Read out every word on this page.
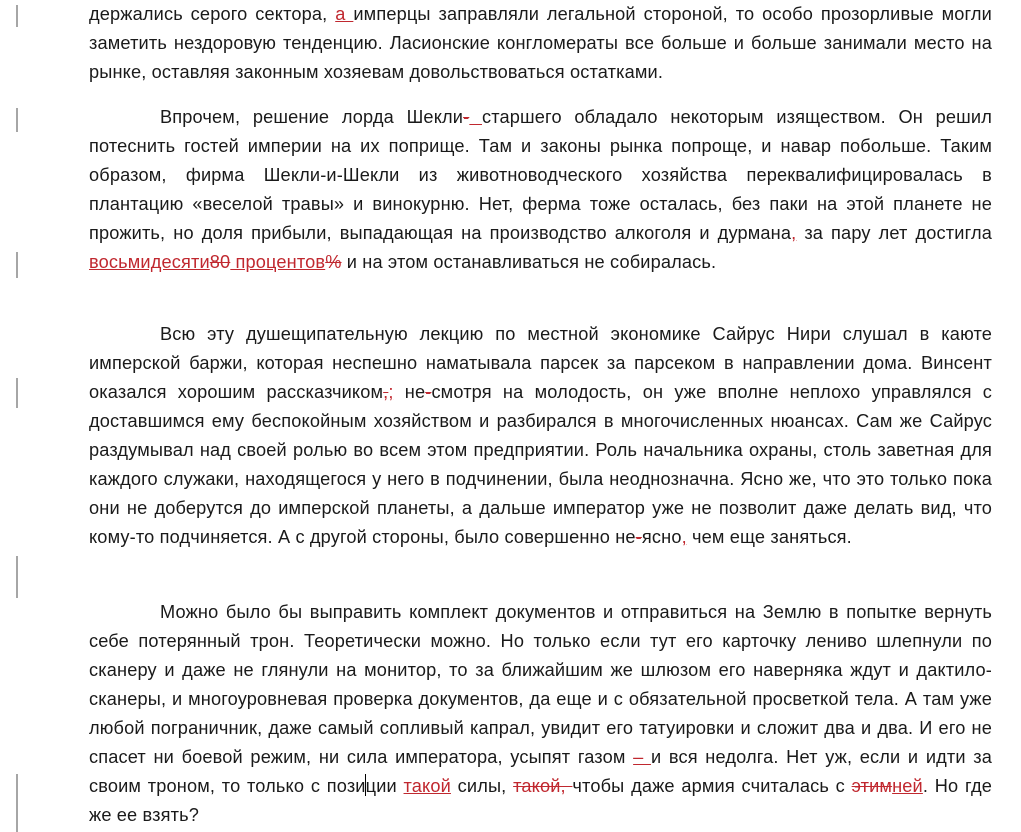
держались серого сектора, а имперцы заправляли легальной стороной, то особо прозорливые могли заметить нездоровую тенденцию. Ласионские конгломераты все больше и больше занимали место на рынке, оставляя законным хозяевам довольствоваться остатками.

Впрочем, решение лорда Шекли- старшего обладало некоторым изяществом. Он решил потеснить гостей империи на их поприще. Там и законы рынка попроще, и навар побольше. Таким образом, фирма Шекли-и-Шекли из животноводческого хозяйства переквалифицировалась в плантацию «веселой травы» и винокурню. Нет, ферма тоже осталась, без паки на этой планете не прожить, но доля прибыли, выпадающая на производство алкоголя и дурмана, за пару лет достигла восьмидесяти80 процентов% и на этом останавливаться не собиралась.

Всю эту душещипательную лекцию по местной экономике Сайрус Нири слушал в каюте имперской баржи, которая неспешно наматывала парсек за парсеком в направлении дома. Винсент оказался хорошим рассказчиком,; не-смотря на молодость, он уже вполне неплохо управлялся с доставшимся ему беспокойным хозяйством и разбирался в многочисленных нюансах. Сам же Сайрус раздумывал над своей ролью во всем этом предприятии. Роль начальника охраны, столь заветная для каждого служаки, находящегося у него в подчинении, была неоднозначна. Ясно же, что это только пока они не доберутся до имперской планеты, а дальше император уже не позволит даже делать вид, что кому-то подчиняется. А с другой стороны, было совершенно не-ясно, чем еще заняться.

Можно было бы выправить комплект документов и отправиться на Землю в попытке вернуть себе потерянный трон. Теоретически можно. Но только если тут его карточку лениво шлепнули по сканеру и даже не глянули на монитор, то за ближайшим же шлюзом его наверняка ждут и дактило-сканеры, и многоуровневая проверка документов, да еще и с обязательной просветкой тела. А там уже любой пограничник, даже самый сопливый капрал, увидит его татуировки и сложит два и два. И его не спасет ни боевой режим, ни сила императора, усыпят газом – и вся недолга. Нет уж, если и идти за своим троном, то только с позиции такой силы, такой, чтобы даже армия считалась с этимней. Но где же ее взять?
